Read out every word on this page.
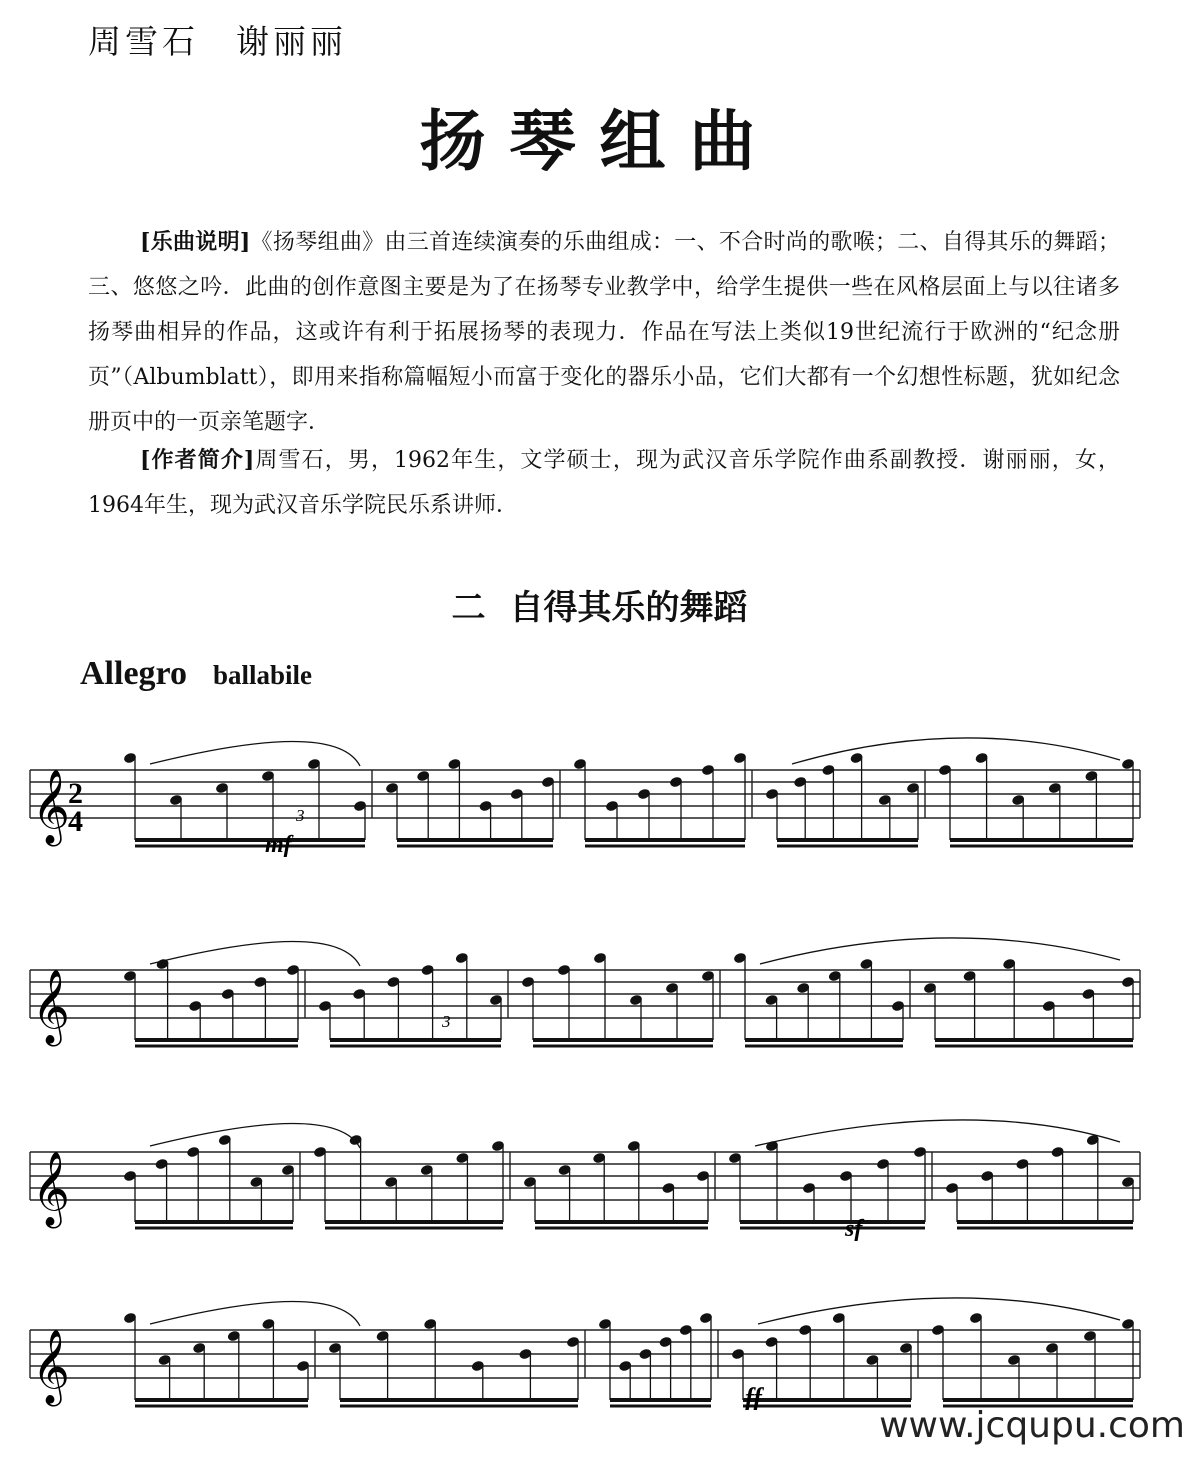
周雪石　谢丽丽
扬琴组曲
[乐曲说明]《扬琴组曲》由三首连续演奏的乐曲组成：一、不合时尚的歌喉；二、自得其乐的舞蹈；三、悠悠之吟．此曲的创作意图主要是为了在扬琴专业教学中，给学生提供一些在风格层面上与以往诸多扬琴曲相异的作品，这或许有利于拓展扬琴的表现力．作品在写法上类似19世纪流行于欧洲的“纪念册页”（Albumblatt），即用来指称篇幅短小而富于变化的器乐小品，它们大都有一个幻想性标题，犹如纪念册页中的一页亲笔题字．
[作者简介]周雪石，男，1962年生，文学硕士，现为武汉音乐学院作曲系副教授．谢丽丽，女，1964年生，现为武汉音乐学院民乐系讲师．
二 自得其乐的舞蹈
Allegro ballabile
𝄞
𝄞
𝄞
𝄞
2
4	3
3
mf
sf
ff
www.jcqupu.com
